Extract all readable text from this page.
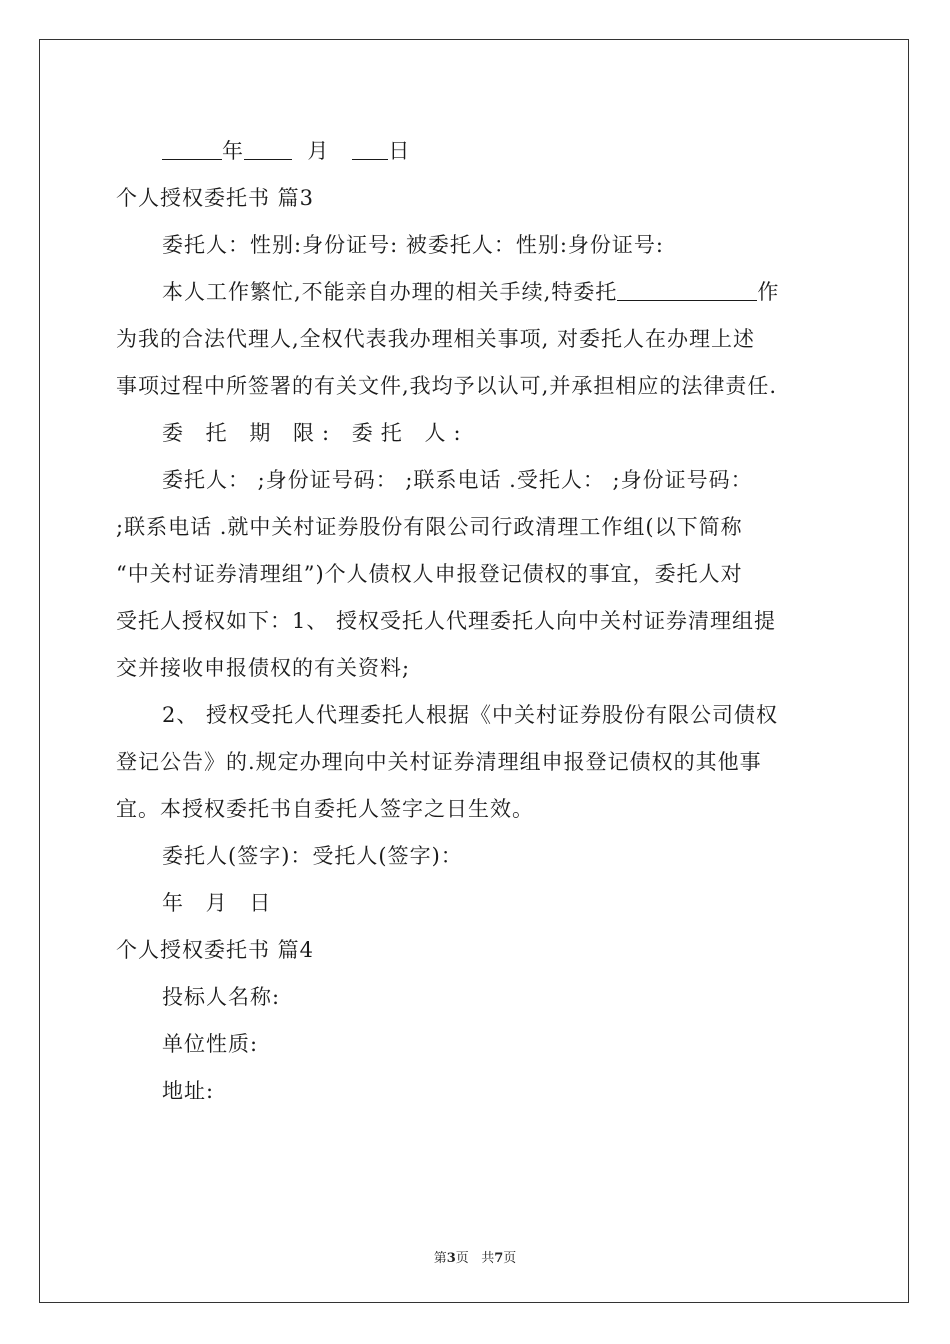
年	月	日
个人授权委托书 篇3
委托人：性别:身份证号: 被委托人：性别:身份证号:
本人工作繁忙,不能亲自办理的相关手续,特委托	作
为我的合法代理人,全权代表我办理相关事项, 对委托人在办理上述
事项过程中所签署的有关文件,我均予以认可,并承担相应的法律责任.
委 托 期 限: 委托 人:
委托人： ;身份证号码： ;联系电话 .受托人： ;身份证号码：
;联系电话 .就中关村证券股份有限公司行政清理工作组(以下简称
“中关村证券清理组”)个人债权人申报登记债权的事宜，委托人对
受托人授权如下：1、 授权受托人代理委托人向中关村证券清理组提
交并接收申报债权的有关资料;
2、 授权受托人代理委托人根据《中关村证券股份有限公司债权
登记公告》的.规定办理向中关村证券清理组申报登记债权的其他事
宜。本授权委托书自委托人签字之日生效。
委托人(签字)：受托人(签字)：
年 月 日
个人授权委托书 篇4
投标人名称:
单位性质:
地址:
第3页 共7页
